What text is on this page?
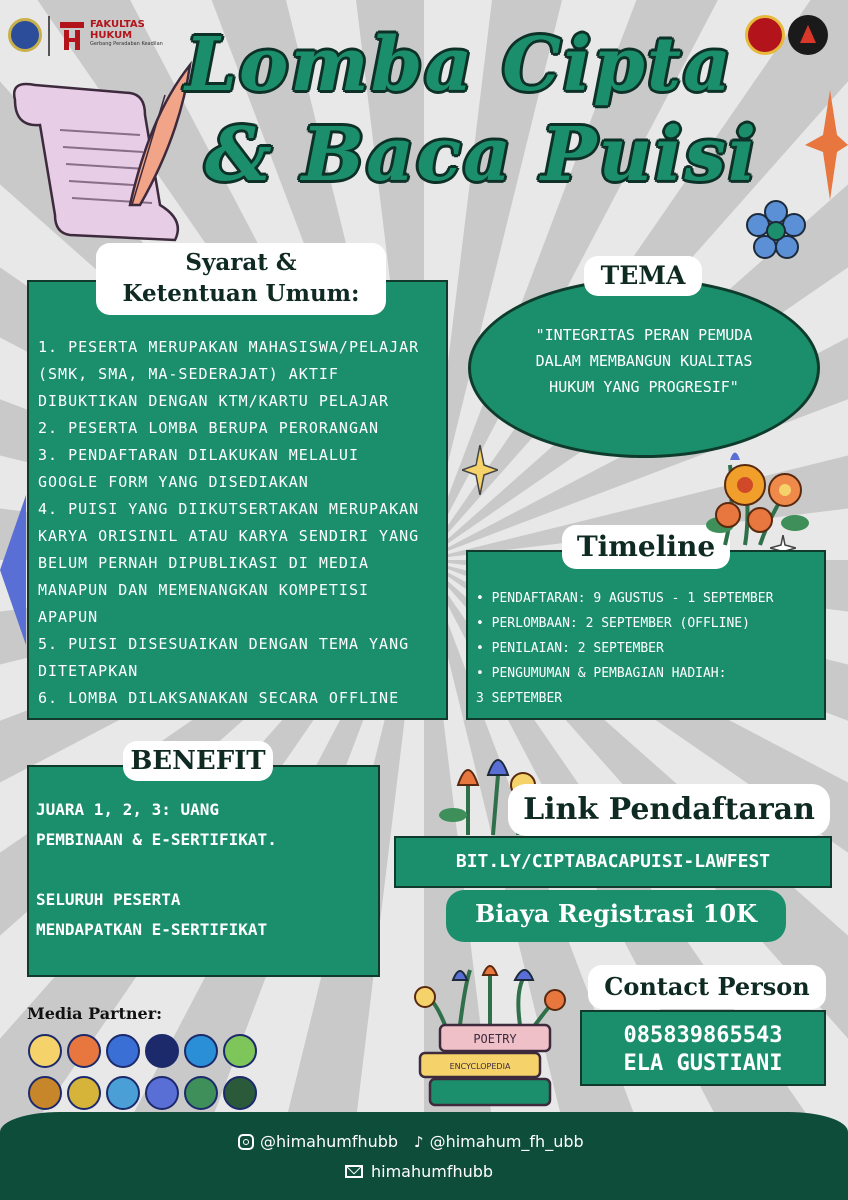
FAKULTAS
HUKUM
Gerbang Peradaban Keadilan Lomba Cipta
& Baca Puisi
1. PESERTA MERUPAKAN MAHASISWA/PELAJAR
(SMK, SMA, MA-SEDERAJAT) AKTIF
DIBUKTIKAN DENGAN KTM/KARTU PELAJAR
2. PESERTA LOMBA BERUPA PERORANGAN
3. PENDAFTARAN DILAKUKAN MELALUI
GOOGLE FORM YANG DISEDIAKAN
4. PUISI YANG DIIKUTSERTAKAN MERUPAKAN
KARYA ORISINIL ATAU KARYA SENDIRI YANG
BELUM PERNAH DIPUBLIKASI DI MEDIA
MANAPUN DAN MEMENANGKAN KOMPETISI
APAPUN
5. PUISI DISESUAIKAN DENGAN TEMA YANG
DITETAPKAN
6. LOMBA DILAKSANAKAN SECARA OFFLINE
Syarat &
Ketentuan Umum:
"INTEGRITAS PERAN PEMUDA
DALAM MEMBANGUN KUALITAS
HUKUM YANG PROGRESIF"
TEMA
• PENDAFTARAN: 9 AGUSTUS - 1 SEPTEMBER
• PERLOMBAAN: 2 SEPTEMBER (OFFLINE)
• PENILAIAN: 2 SEPTEMBER
• PENGUMUMAN & PEMBAGIAN HADIAH:
3 SEPTEMBER
Timeline
JUARA 1, 2, 3: UANG
PEMBINAAN & E-SERTIFIKAT.

SELURUH PESERTA
MENDAPATKAN E-SERTIFIKAT
BENEFIT
Link Pendaftaran
BIT.LY/CIPTABACAPUISI-LAWFEST
Biaya Registrasi 10K
Contact Person
085839865543
ELA GUSTIANI
POETRY
ENCYCLOPEDIA
Media Partner:
@himahumfhubb ♪ @himahum_fh_ubb
himahumfhubb
